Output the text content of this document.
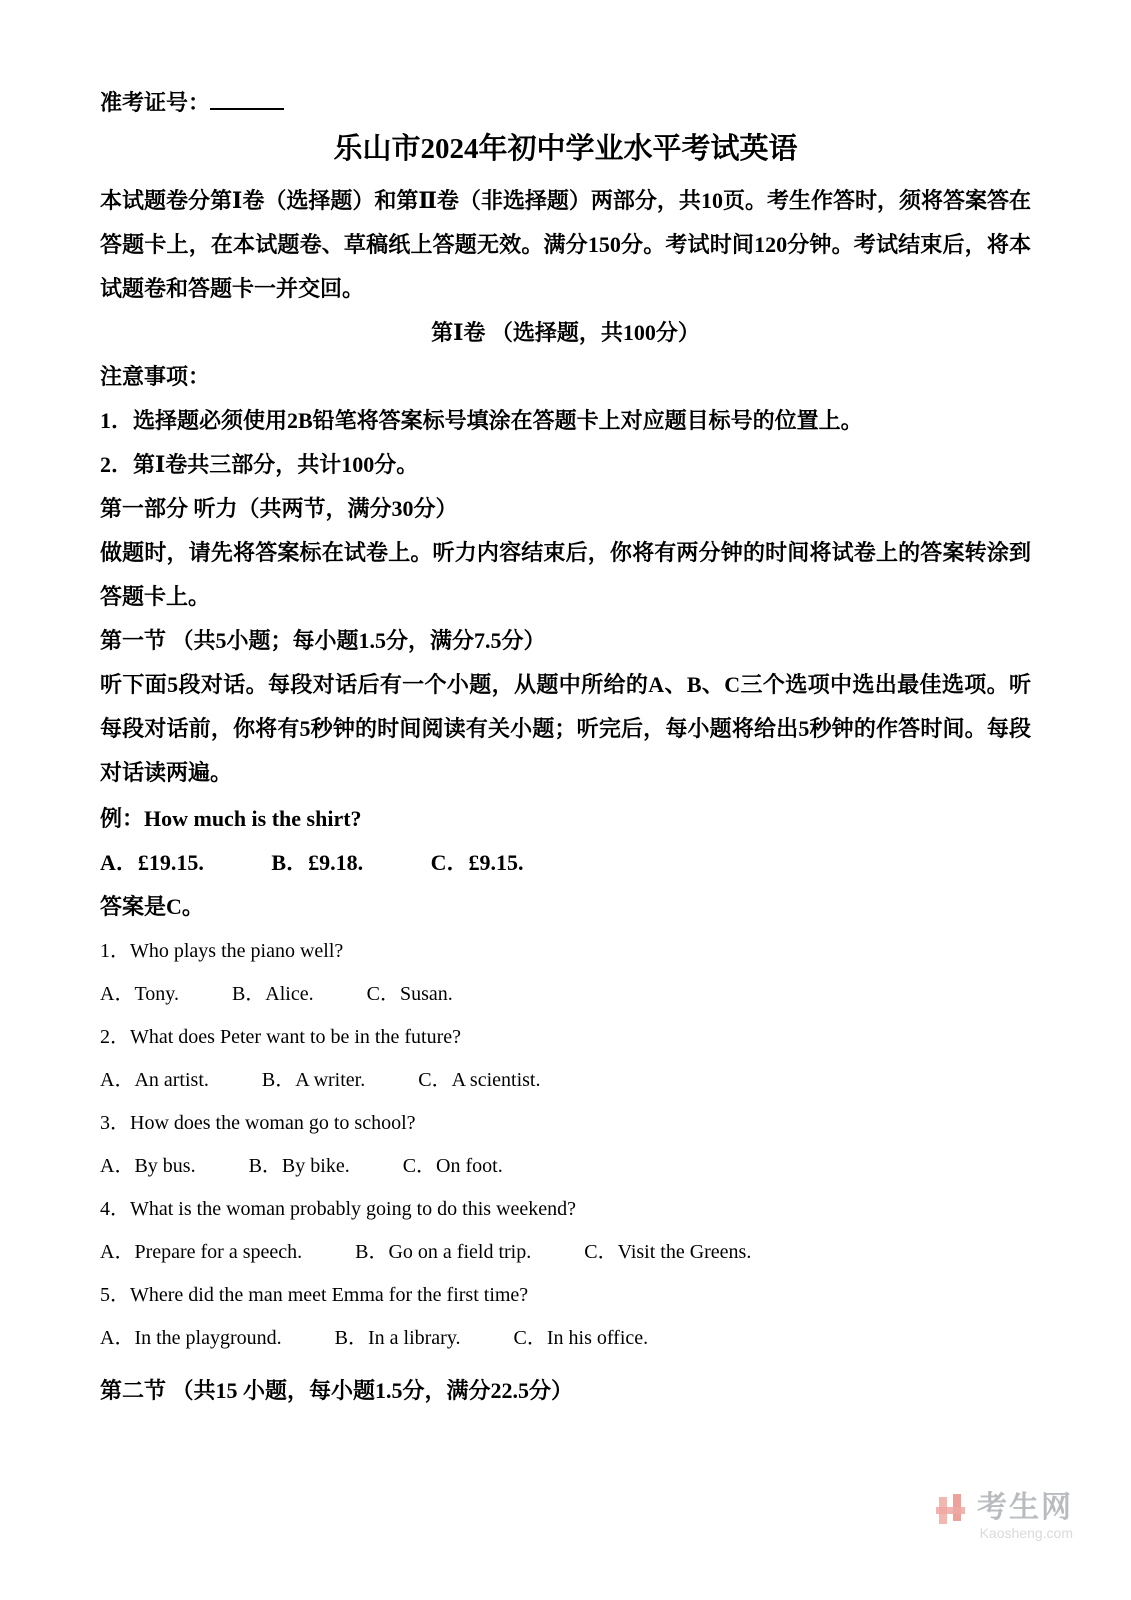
准考证号：
乐山市2024年初中学业水平考试英语

本试题卷分第Ⅰ卷（选择题）和第Ⅱ卷（非选择题）两部分，共10页。考生作答时，须将答案答在答题卡上，在本试题卷、草稿纸上答题无效。满分150分。考试时间120分钟。考试结束后，将本试题卷和答题卡一并交回。

第Ⅰ卷 （选择题，共100分）
注意事项：
1．选择题必须使用2B铅笔将答案标号填涂在答题卡上对应题目标号的位置上。
2．第Ⅰ卷共三部分，共计100分。
第一部分 听力（共两节，满分30分）

做题时，请先将答案标在试卷上。听力内容结束后，你将有两分钟的时间将试卷上的答案转涂到答题卡上。

第一节 （共5小题；每小题1.5分，满分7.5分）

听下面5段对话。每段对话后有一个小题，从题中所给的A、B、C三个选项中选出最佳选项。听每段对话前，你将有5秒钟的时间阅读有关小题；听完后，每小题将给出5秒钟的作答时间。每段对话读两遍。

例：How much is the shirt?
A．£19.15.	B．£9.18.	C．£9.15.
答案是C。
1．Who plays the piano well?
A．Tony.	B．Alice.	C．Susan.
2．What does Peter want to be in the future?
A．An artist.	B．A writer.	C．A scientist.
3．How does the woman go to school?
A．By bus.	B．By bike.	C．On foot.
4．What is the woman probably going to do this weekend?
A．Prepare for a speech.	B．Go on a field trip.	C．Visit the Greens.
5．Where did the man meet Emma for the first time?
A．In the playground.	B．In a library.	C．In his office.
第二节 （共15 小题，每小题1.5分，满分22.5分）
考生网
Kaosheng.com
